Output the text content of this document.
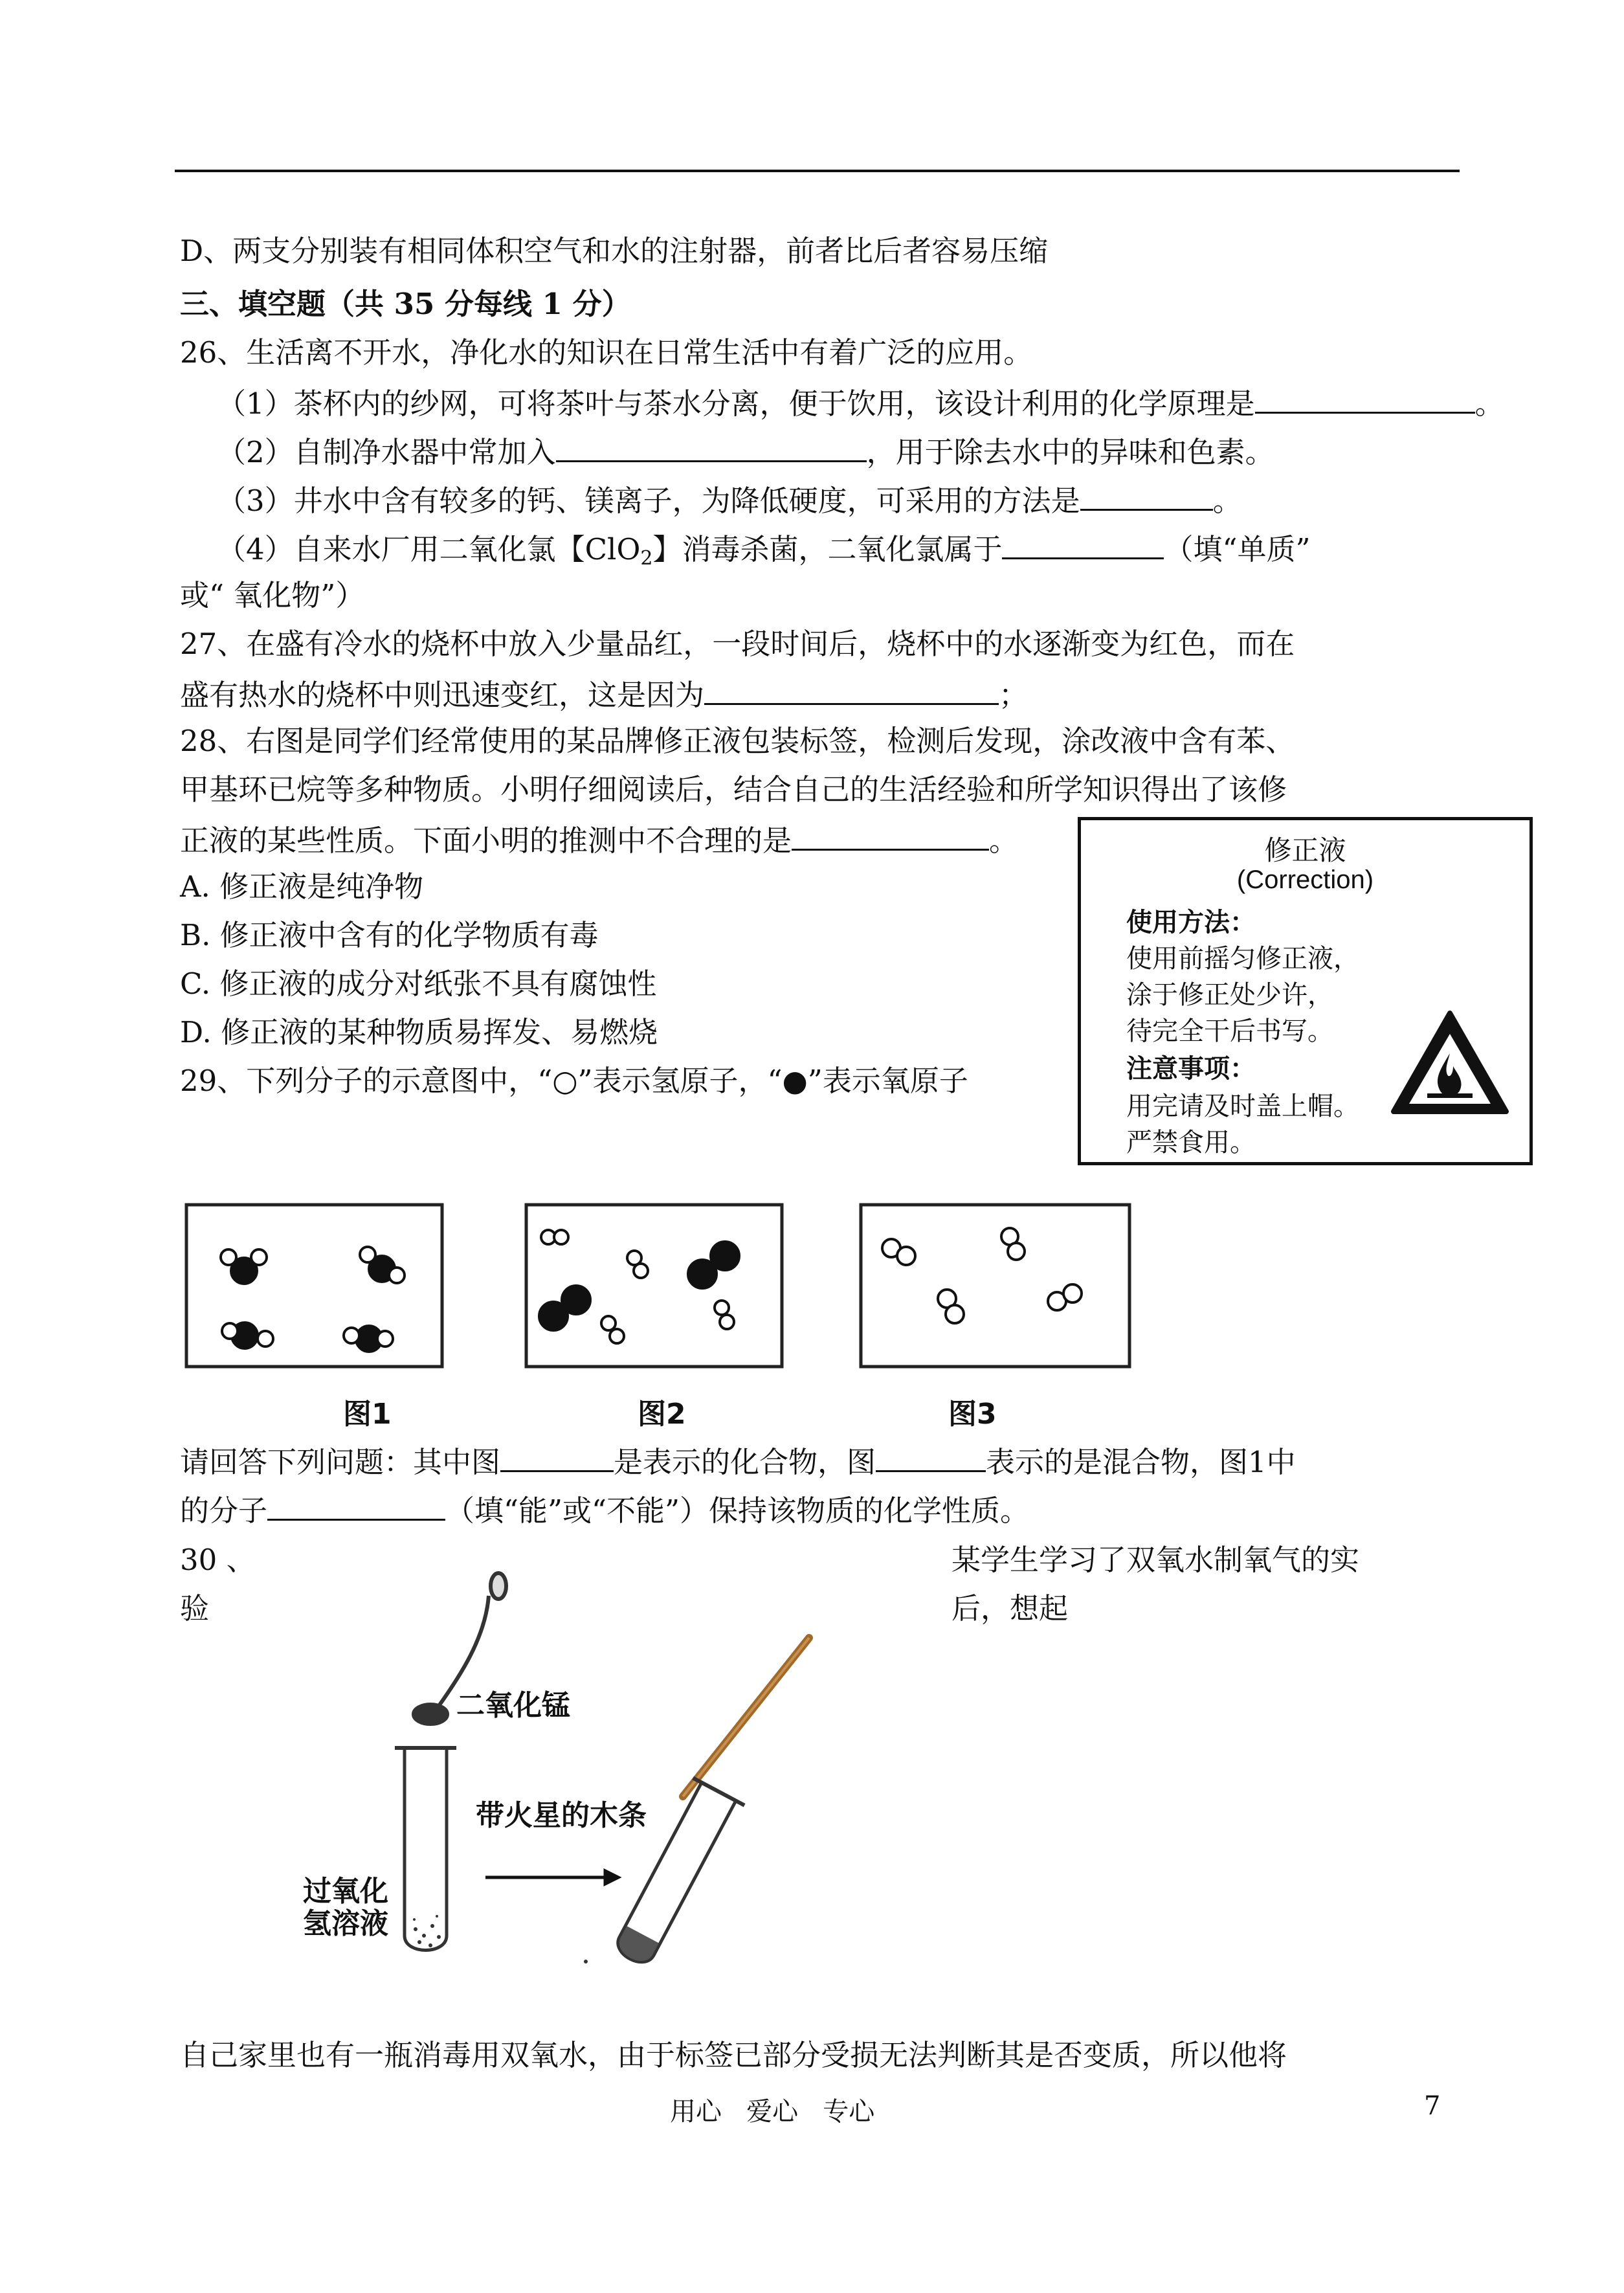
D、两支分别装有相同体积空气和水的注射器，前者比后者容易压缩
三、填空题（共 35 分每线 1 分）
26、生活离不开水，净化水的知识在日常生活中有着广泛的应用。
（1）茶杯内的纱网，可将茶叶与茶水分离，便于饮用，该设计利用的化学原理是	。
（2）自制净水器中常加入	，用于除去水中的异味和色素。
（3）井水中含有较多的钙、镁离子，为降低硬度，可采用的方法是	。
（4）自来水厂用二氧化氯【ClO$_2$】消毒杀菌，二氧化氯属于	（填“单质”
或“ 氧化物”）
27、在盛有冷水的烧杯中放入少量品红，一段时间后，烧杯中的水逐渐变为红色，而在
盛有热水的烧杯中则迅速变红，这是因为	；
28、右图是同学们经常使用的某品牌修正液包装标签，检测后发现，涂改液中含有苯、
甲基环已烷等多种物质。小明仔细阅读后，结合自己的生活经验和所学知识得出了该修
正液的某些性质。下面小明的推测中不合理的是	。
A. 修正液是纯净物
B. 修正液中含有的化学物质有毒
C. 修正液的成分对纸张不具有腐蚀性
D. 修正液的某种物质易挥发、易燃烧
29、下列分子的示意图中，“○”表示氢原子，“●”表示氧原子
修正液
(Correction)
使用方法：
使用前摇匀修正液，
涂于修正处少许，
待完全干后书写。
注意事项：
用完请及时盖上帽。
严禁食用。
图1	图2	图3
请回答下列问题：其中图	是表示的化合物，图	表示的是混合物，图1中
的分子	（填“能”或“不能”）保持该物质的化学性质。
30 、
验
某学生学习了双氧水制氧气的实
后，想起
二氧化锰
带火星的木条
过氧化
氢溶液
自己家里也有一瓶消毒用双氧水，由于标签已部分受损无法判断其是否变质，所以他将
用心   爱心   专心	7
